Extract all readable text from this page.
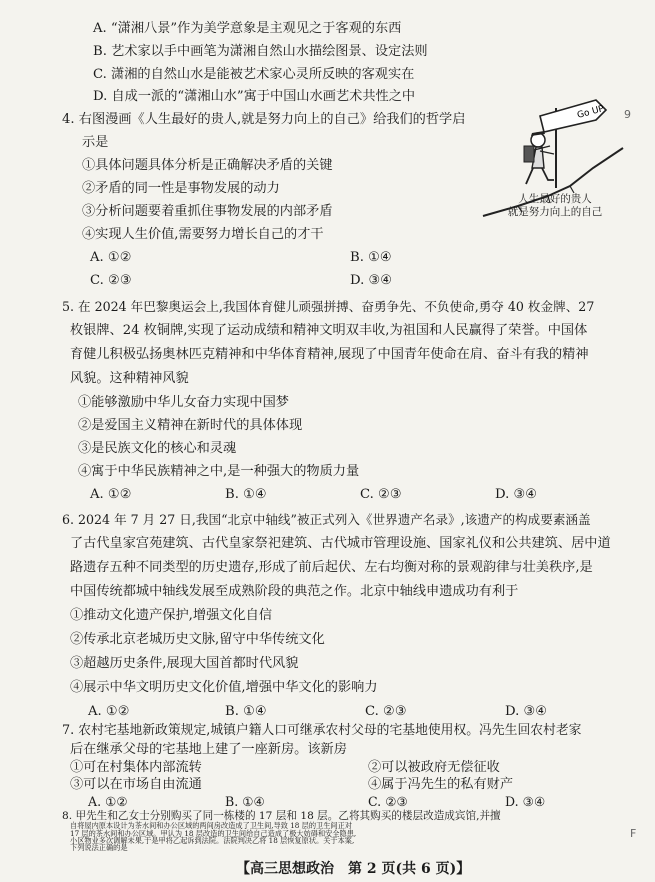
A. “潇湘八景”作为美学意象是主观见之于客观的东西
B. 艺术家以手中画笔为潇湘自然山水描绘图景、设定法则
C. 潇湘的自然山水是能被艺术家心灵所反映的客观实在
D. 自成一派的“潇湘山水”寓于中国山水画艺术共性之中
4. 右图漫画《人生最好的贵人,就是努力向上的自己》给我们的哲学启
示是
①具体问题具体分析是正确解决矛盾的关键
②矛盾的同一性是事物发展的动力
③分析问题要着重抓住事物发展的内部矛盾
④实现人生价值,需要努力增长自己的才干
A. ①②	B. ①④
C. ②③	D. ③④
Go UP
人生最好的贵人
就是努力向上的自己
5. 在 2024 年巴黎奥运会上,我国体育健儿顽强拼搏、奋勇争先、不负使命,勇夺 40 枚金牌、27
枚银牌、24 枚铜牌,实现了运动成绩和精神文明双丰收,为祖国和人民赢得了荣誉。中国体
育健儿积极弘扬奥林匹克精神和中华体育精神,展现了中国青年使命在肩、奋斗有我的精神
风貌。这种精神风貌
①能够激励中华儿女奋力实现中国梦
②是爱国主义精神在新时代的具体体现
③是民族文化的核心和灵魂
④寓于中华民族精神之中,是一种强大的物质力量
A. ①②	B. ①④	C. ②③	D. ③④
6. 2024 年 7 月 27 日,我国“北京中轴线”被正式列入《世界遗产名录》,该遗产的构成要素涵盖
了古代皇家宫苑建筑、古代皇家祭祀建筑、古代城市管理设施、国家礼仪和公共建筑、居中道
路遗存五种不同类型的历史遗存,形成了前后起伏、左右均衡对称的景观韵律与壮美秩序,是
中国传统都城中轴线发展至成熟阶段的典范之作。北京中轴线申遗成功有利于
①推动文化遗产保护,增强文化自信
②传承北京老城历史文脉,留守中华传统文化
③超越历史条件,展现大国首都时代风貌
④展示中华文明历史文化价值,增强中华文化的影响力
A. ①②	B. ①④	C. ②③	D. ③④
7. 农村宅基地新政策规定,城镇户籍人口可继承农村父母的宅基地使用权。冯先生回农村老家
后在继承父母的宅基地上建了一座新房。该新房
①可在村集体内部流转	②可以被政府无偿征收
③可以在市场自由流通	④属于冯先生的私有财产
【高三思想政治　第 2 页(共 6 页)】
9
F
A. ①②	B. ①④	C. ②③	D. ③④
8. 甲先生和乙女士分别购买了同一栋楼的 17 层和 18 层。乙将其购买的楼层改造成宾馆,并擅
自将屋内原本设计为茶水间和办公区域的两间房改造成了卫生间,导致 18 层的卫生间正对
17 层的茶水间和办公区域。甲认为 18 层改造的卫生间给自己造成了极大妨碍和安全隐患,
小区物业多次调解未果,于是甲将乙起诉到法院。法院判决乙将 18 层恢复原状。关于本案,
下列说法正确的是
